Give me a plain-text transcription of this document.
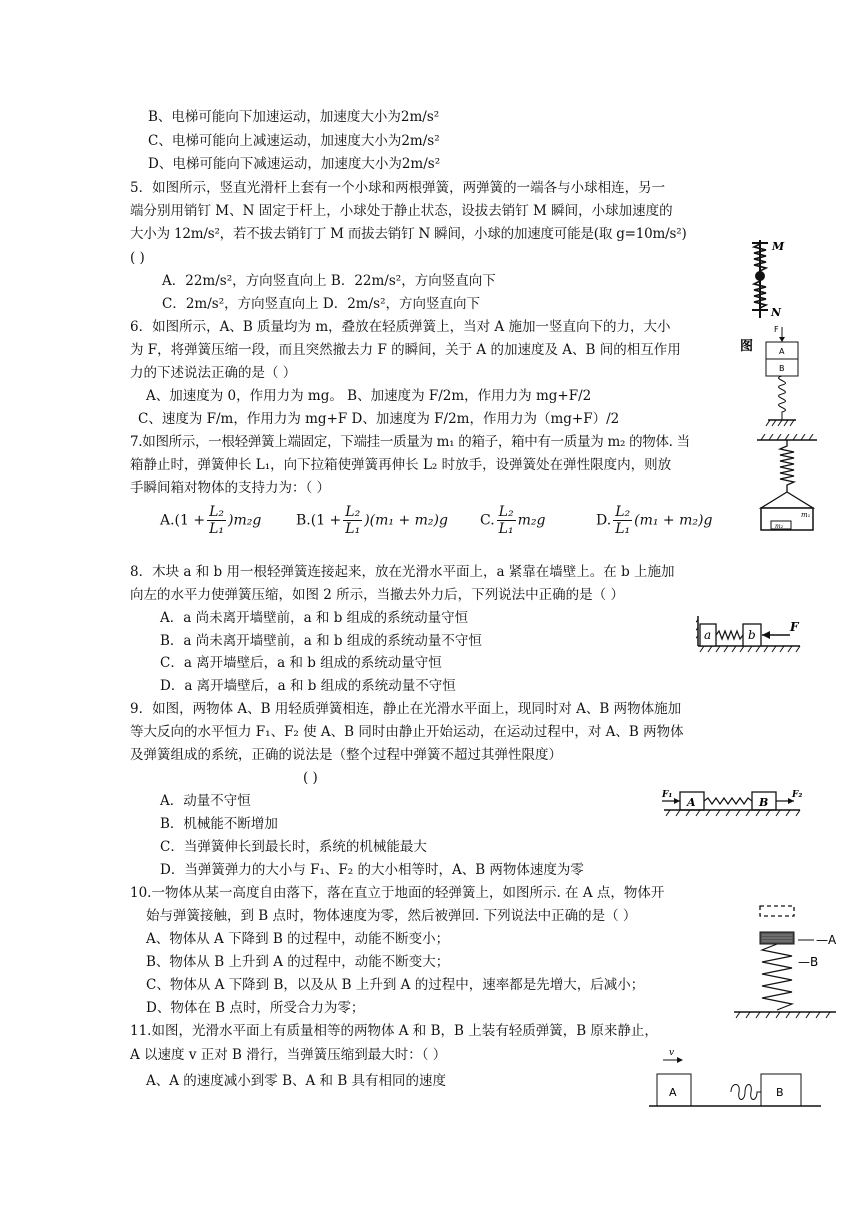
B、电梯可能向下加速运动，加速度大小为2m/s²
C、电梯可能向上减速运动，加速度大小为2m/s²
D、电梯可能向下减速运动，加速度大小为2m/s²
5．如图所示，竖直光滑杆上套有一个小球和两根弹簧，两弹簧的一端各与小球相连，另一
端分别用销钉 M、N 固定于杆上，小球处于静止状态，设拔去销钉 M 瞬间，小球加速度的
大小为 12m/s²，若不拔去销钉丁 M 而拔去销钉 N 瞬间，小球的加速度可能是(取 g=10m/s²)
( )
A．22m/s²，方向竖直向上 B．22m/s²，方向竖直向下
C．2m/s²，方向竖直向上 D．2m/s²，方向竖直向下
6．如图所示，A、B 质量均为 m，叠放在轻质弹簧上，当对 A 施加一竖直向下的力，大小
为 F，将弹簧压缩一段，而且突然撤去力 F 的瞬间，关于 A 的加速度及 A、B 间的相互作用
力的下述说法正确的是（ ）
A、加速度为 0，作用力为 mg。 B、加速度为 F/2m，作用力为 mg+F/2
C、速度为 F/m，作用力为 mg+F D、加速度为 F/2m，作用力为（mg+F）/2
7.如图所示，一根轻弹簧上端固定，下端挂一质量为 m₁ 的箱子，箱中有一质量为 m₂ 的物体. 当
箱静止时，弹簧伸长 L₁，向下拉箱使弹簧再伸长 L₂ 时放手，设弹簧处在弹性限度内，则放
手瞬间箱对物体的支持力为：（ ）
$A.(1 + \frac{\text{L₂}}{\text{L₁}} )m_2g$ $B.(1 + \frac{\text{L₂}}{\text{L₁}} )(m_1 + m_2)g$ C. $\frac{\text{L₂}}{\text{L₁}} m_2g$	D. $\frac{\text{L₂}}{\text{L₁}} (m_1 + m_2)g$
8．木块 a 和 b 用一根轻弹簧连接起来，放在光滑水平面上，a 紧靠在墙壁上。在 b 上施加
向左的水平力使弹簧压缩，如图 2 所示，当撤去外力后，下列说法中正确的是（ ）
A．a 尚未离开墙壁前，a 和 b 组成的系统动量守恒
B．a 尚未离开墙壁前，a 和 b 组成的系统动量不守恒
C．a 离开墙壁后，a 和 b 组成的系统动量守恒
D．a 离开墙壁后，a 和 b 组成的系统动量不守恒
9．如图，两物体 A、B 用轻质弹簧相连，静止在光滑水平面上，现同时对 A、B 两物体施加
等大反向的水平恒力 F₁、F₂ 使 A、B 同时由静止开始运动，在运动过程中，对 A、B 两物体
及弹簧组成的系统，正确的说法是（整个过程中弹簧不超过其弹性限度）
( )
A．动量不守恒
B．机械能不断增加
C．当弹簧伸长到最长时，系统的机械能最大
D．当弹簧弹力的大小与 F₁、F₂ 的大小相等时，A、B 两物体速度为零
10.一物体从某一高度自由落下，落在直立于地面的轻弹簧上，如图所示. 在 A 点，物体开
始与弹簧接触，到 B 点时，物体速度为零，然后被弹回. 下列说法中正确的是（ ）
A、物体从 A 下降到 B 的过程中，动能不断变小；
B、物体从 B 上升到 A 的过程中，动能不断变大；
C、物体从 A 下降到 B，以及从 B 上升到 A 的过程中，速率都是先增大，后减小；
D、物体在 B 点时，所受合力为零；
11.如图，光滑水平面上有质量相等的两物体 A 和 B，B 上装有轻质弹簧，B 原来静止，
A 以速度 v 正对 B 滑行，当弹簧压缩到最大时：（ ）
A、A 的速度减小到零 B、A 和 B 具有相同的速度
M
N
F
图	A
B
m₁
m₂
a	b
F
F₁
A	B
F₂
—A
—B
v
A	B
